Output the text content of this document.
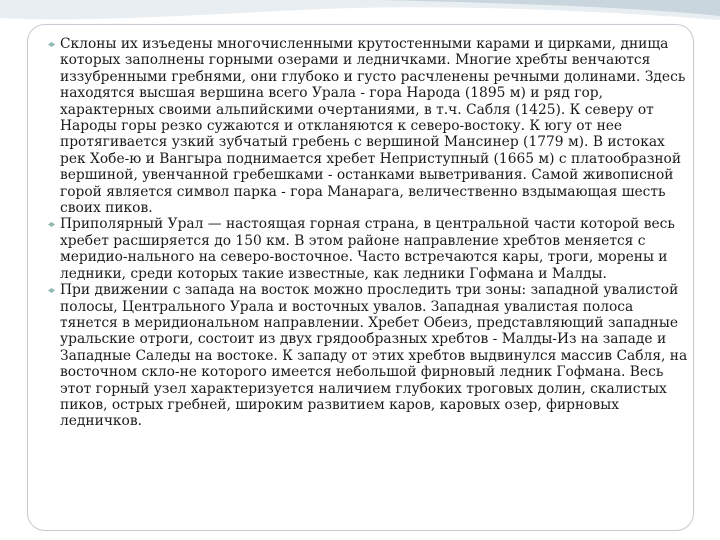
Склоны их изъедены многочисленными крутостенными карами и цирками, днища которых заполнены горными озерами и ледничками. Многие хребты венчаются иззубренными гребнями, они глубоко и густо расчленены речными долинами. Здесь находятся высшая вершина всего Урала - гора Народа (1895 м) и ряд гор, характерных своими альпийскими очертаниями, в т.ч. Сабля (1425). К северу от Народы горы резко сужаются и откланяются к северо-востоку. К югу от нее протягивается узкий зубчатый гребень с вершиной Мансинер (1779 м). В истоках рек Хобе-ю и Вангыра поднимается хребет Неприступный (1665 м) с платообразной вершиной, увенчанной гребешками - останками выветривания. Самой живописной горой является символ парка - гора Манарага, величественно вздымающая шесть своих пиков.
Приполярный Урал — настоящая горная страна, в центральной части которой весь хребет расширяется до 150 км. В этом районе направление хребтов меняется с меридио-нального на северо-восточное. Часто встречаются кары, троги, морены и ледники, среди которых такие известные, как ледники Гофмана и Малды.
При движении с запада на восток можно проследить три зоны: западной увалистой полосы, Центрального Урала и восточных увалов. Западная увалистая полоса тянется в меридиональном направлении. Хребет Обеиз, представляющий западные уральские отроги, состоит из двух грядообразных хребтов - Малды-Из на западе и Западные Саледы на востоке. К западу от этих хребтов выдвинулся массив Сабля, на восточном скло-не которого имеется небольшой фирновый ледник Гофмана. Весь этот горный узел характеризуется наличием глубоких троговых долин, скалистых пиков, острых гребней, широким развитием каров, каровых озер, фирновых ледничков.
